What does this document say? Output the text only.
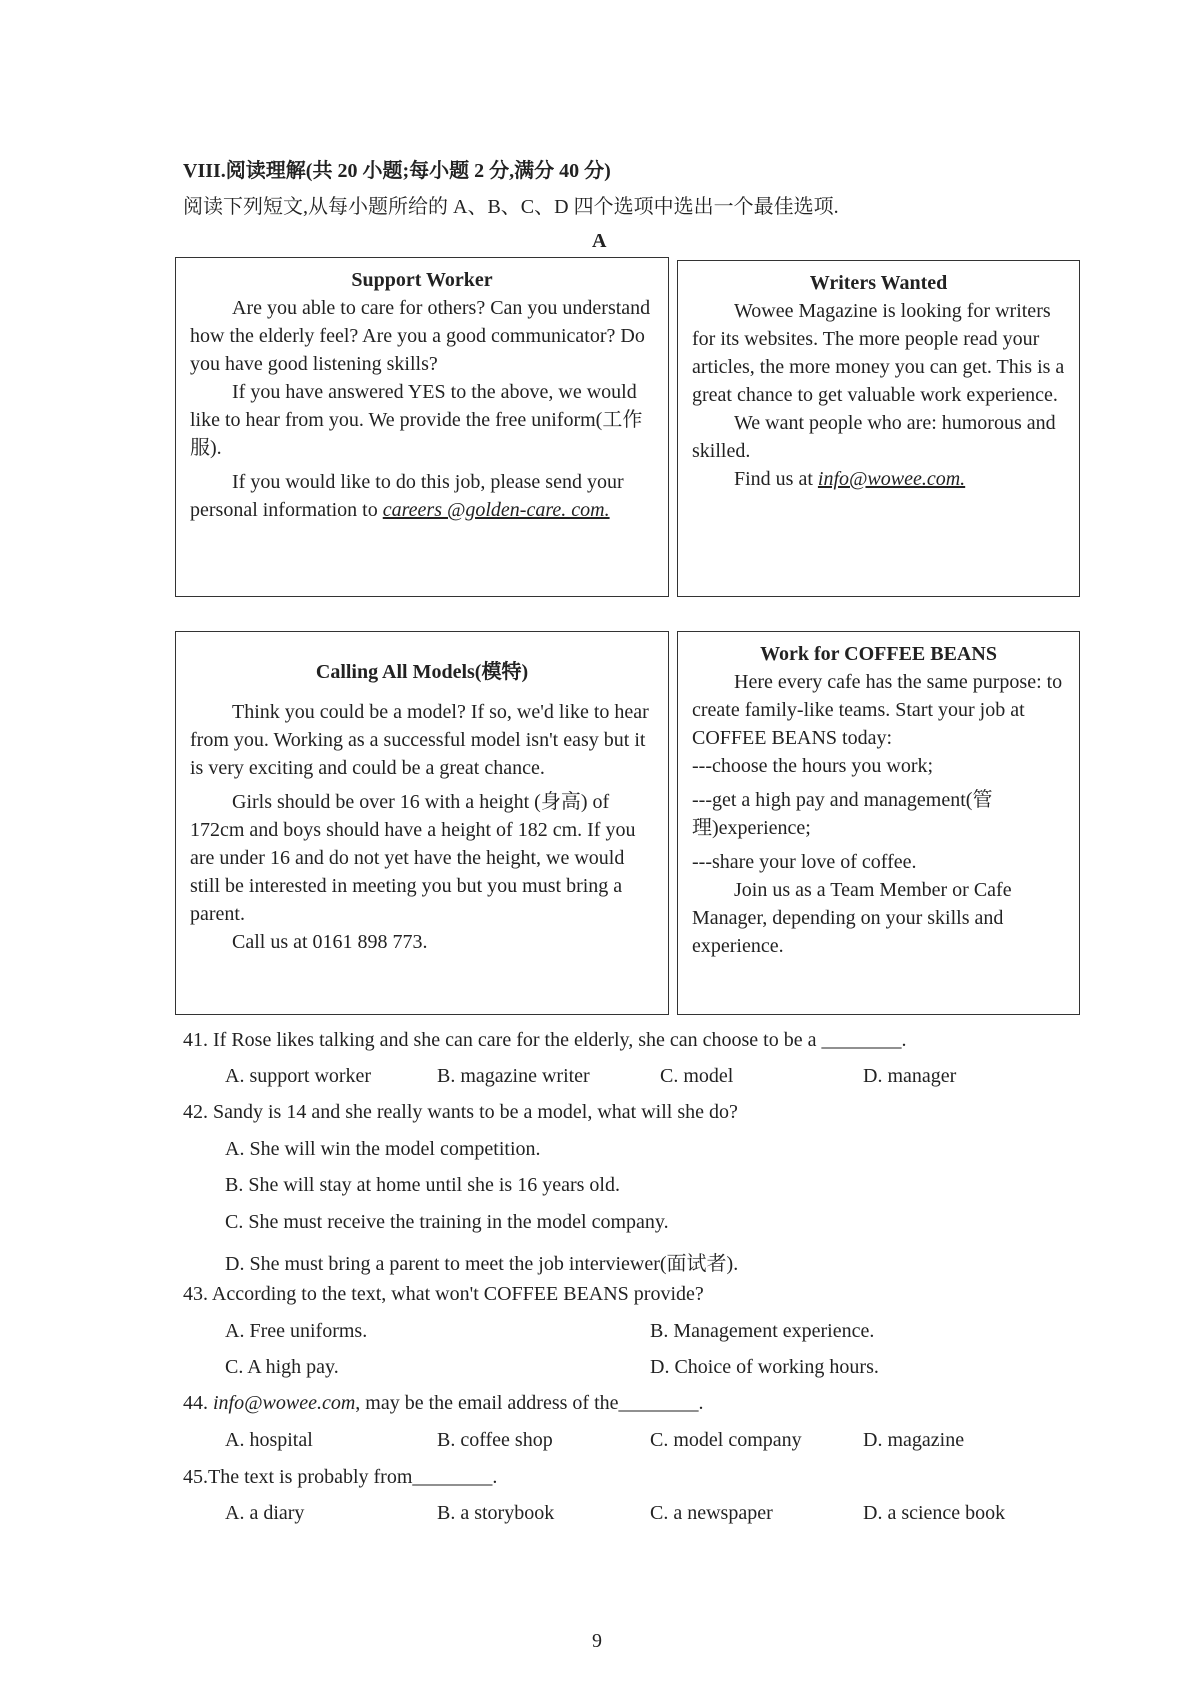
VIII.阅读理解(共 20 小题;每小题 2 分,满分 40 分)
阅读下列短文,从每小题所给的 A、B、C、D 四个选项中选出一个最佳选项.
A
Support Worker

Are you able to care for others? Can you understand how the elderly feel? Are you a good communicator? Do you have good listening skills?

If you have answered YES to the above, we would like to hear from you. We provide the free uniform(工作服).

If you would like to do this job, please send your personal information to careers @golden-care. com.

Writers Wanted

Wowee Magazine is looking for writers for its websites. The more people read your articles, the more money you can get. This is a great chance to get valuable work experience.

We want people who are: humorous and skilled.

Find us at info@wowee.com.

Calling All Models(模特)

Think you could be a model? If so, we'd like to hear from you. Working as a successful model isn't easy but it is very exciting and could be a great chance.

Girls should be over 16 with a height (身高) of 172cm and boys should have a height of 182 cm. If you are under 16 and do not yet have the height, we would still be interested in meeting you but you must bring a parent.

Call us at 0161 898 773.

Work for COFFEE BEANS

Here every cafe has the same purpose: to create family-like teams. Start your job at COFFEE BEANS today:

---choose the hours you work;

---get a high pay and management(管理)experience;

---share your love of coffee.

Join us as a Team Member or Cafe Manager, depending on your skills and experience.

41. If Rose likes talking and she can care for the elderly, she can choose to be a ________.
A. support worker	B. magazine writer	C. model	D. manager
42. Sandy is 14 and she really wants to be a model, what will she do?
A. She will win the model competition.
B. She will stay at home until she is 16 years old.
C. She must receive the training in the model company.
D. She must bring a parent to meet the job interviewer(面试者).
43. According to the text, what won't COFFEE BEANS provide?
A. Free uniforms.	B. Management experience.
C. A high pay.	D. Choice of working hours.
44. info@wowee.com, may be the email address of the________.
A. hospital	B. coffee shop	C. model company	D. magazine
45.The text is probably from________.
A. a diary	B. a storybook	C. a newspaper	D. a science book
9
